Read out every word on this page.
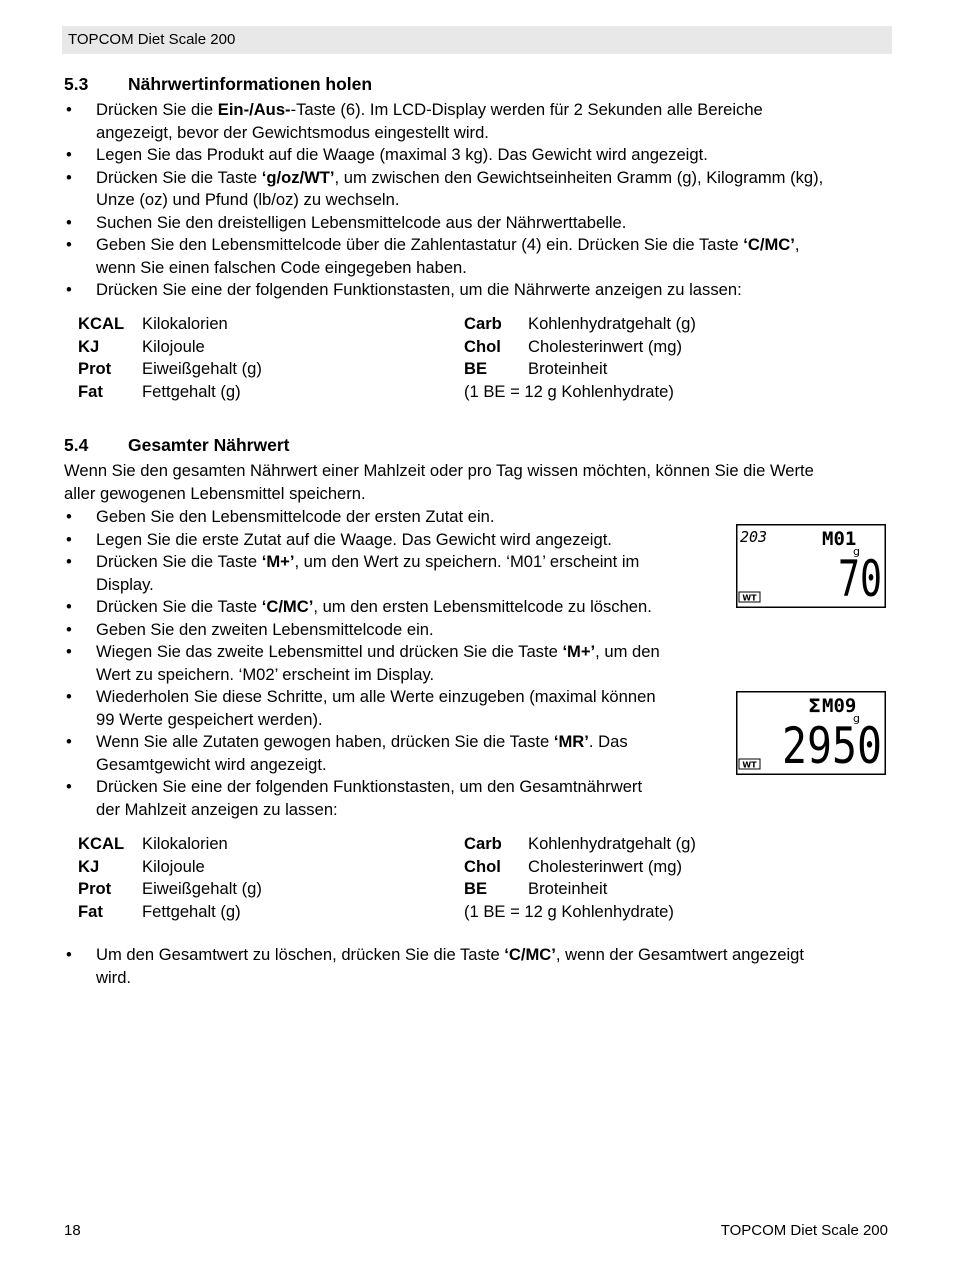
TOPCOM Diet Scale 200
5.3 Nährwertinformationen holen
• Drücken Sie die Ein-/Aus--Taste (6). Im LCD-Display werden für 2 Sekunden alle Bereiche
angezeigt, bevor der Gewichtsmodus eingestellt wird.
• Legen Sie das Produkt auf die Waage (maximal 3 kg). Das Gewicht wird angezeigt.
• Drücken Sie die Taste ‘g/oz/WT’, um zwischen den Gewichtseinheiten Gramm (g), Kilogramm (kg),
Unze (oz) und Pfund (lb/oz) zu wechseln.
• Suchen Sie den dreistelligen Lebensmittelcode aus der Nährwerttabelle.
• Geben Sie den Lebensmittelcode über die Zahlentastatur (4) ein. Drücken Sie die Taste ‘C/MC’,
wenn Sie einen falschen Code eingegeben haben.
• Drücken Sie eine der folgenden Funktionstasten, um die Nährwerte anzeigen zu lassen:
KCAL Kilokalorien	Carb Kohlenhydratgehalt (g)
KJ	Kilojoule	Chol Cholesterinwert (mg)
Prot Eiweißgehalt (g)	BE Broteinheit
Fat Fettgehalt (g)	(1 BE = 12 g Kohlenhydrate)
5.4 Gesamter Nährwert
Wenn Sie den gesamten Nährwert einer Mahlzeit oder pro Tag wissen möchten, können Sie die Werte
aller gewogenen Lebensmittel speichern.
• Geben Sie den Lebensmittelcode der ersten Zutat ein.
• Legen Sie die erste Zutat auf die Waage. Das Gewicht wird angezeigt.
• Drücken Sie die Taste ‘M+’, um den Wert zu speichern. ‘M01’ erscheint im
Display.
• Drücken Sie die Taste ‘C/MC’, um den ersten Lebensmittelcode zu löschen.
• Geben Sie den zweiten Lebensmittelcode ein.
• Wiegen Sie das zweite Lebensmittel und drücken Sie die Taste ‘M+’, um den
Wert zu speichern. ‘M02’ erscheint im Display.
• Wiederholen Sie diese Schritte, um alle Werte einzugeben (maximal können
99 Werte gespeichert werden).
• Wenn Sie alle Zutaten gewogen haben, drücken Sie die Taste ‘MR’. Das
Gesamtgewicht wird angezeigt.
• Drücken Sie eine der folgenden Funktionstasten, um den Gesamtnährwert
der Mahlzeit anzeigen zu lassen:
KCAL Kilokalorien	Carb Kohlenhydratgehalt (g)
KJ	Kilojoule	Chol Cholesterinwert (mg)
Prot Eiweißgehalt (g)	BE Broteinheit
Fat Fettgehalt (g)	(1 BE = 12 g Kohlenhydrate)
• Um den Gesamtwert zu löschen, drücken Sie die Taste ‘C/MC’, wenn der Gesamtwert angezeigt
wird.
203	M01
g
70
WT
Σ M09
g
2950
WT
18	TOPCOM Diet Scale 200
